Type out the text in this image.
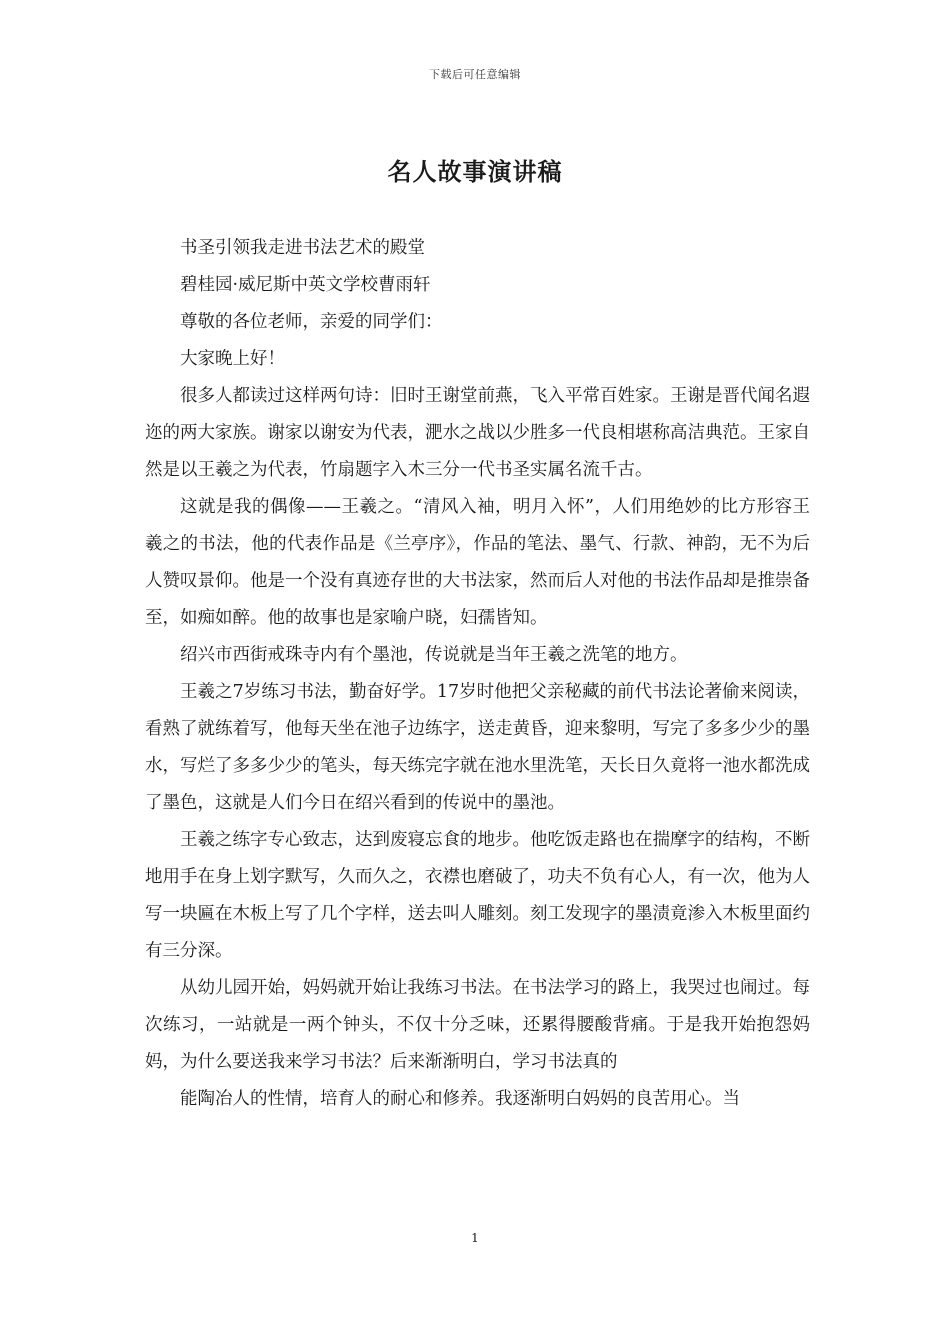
下载后可任意编辑
名人故事演讲稿

书圣引领我走进书法艺术的殿堂

碧桂园·威尼斯中英文学校曹雨轩

尊敬的各位老师，亲爱的同学们：

大家晚上好！

很多人都读过这样两句诗：旧时王谢堂前燕，飞入平常百姓家。王谢是晋代闻名遐迩的两大家族。谢家以谢安为代表，淝水之战以少胜多一代良相堪称高洁典范。王家自然是以王羲之为代表，竹扇题字入木三分一代书圣实属名流千古。

这就是我的偶像——王羲之。“清风入袖，明月入怀”，人们用绝妙的比方形容王羲之的书法，他的代表作品是《兰亭序》，作品的笔法、墨气、行款、神韵，无不为后人赞叹景仰。他是一个没有真迹存世的大书法家，然而后人对他的书法作品却是推崇备至，如痴如醉。他的故事也是家喻户晓，妇孺皆知。

绍兴市西街戒珠寺内有个墨池，传说就是当年王羲之洗笔的地方。

王羲之7岁练习书法，勤奋好学。17岁时他把父亲秘藏的前代书法论著偷来阅读，看熟了就练着写，他每天坐在池子边练字，送走黄昏，迎来黎明，写完了多多少少的墨水，写烂了多多少少的笔头，每天练完字就在池水里洗笔，天长日久竟将一池水都洗成了墨色，这就是人们今日在绍兴看到的传说中的墨池。

王羲之练字专心致志，达到废寝忘食的地步。他吃饭走路也在揣摩字的结构，不断地用手在身上划字默写，久而久之，衣襟也磨破了，功夫不负有心人，有一次，他为人写一块匾在木板上写了几个字样，送去叫人雕刻。刻工发现字的墨渍竟渗入木板里面约有三分深。

从幼儿园开始，妈妈就开始让我练习书法。在书法学习的路上，我哭过也闹过。每次练习，一站就是一两个钟头，不仅十分乏味，还累得腰酸背痛。于是我开始抱怨妈妈，为什么要送我来学习书法？后来渐渐明白，学习书法真的

能陶冶人的性情，培育人的耐心和修养。我逐渐明白妈妈的良苦用心。当

1
